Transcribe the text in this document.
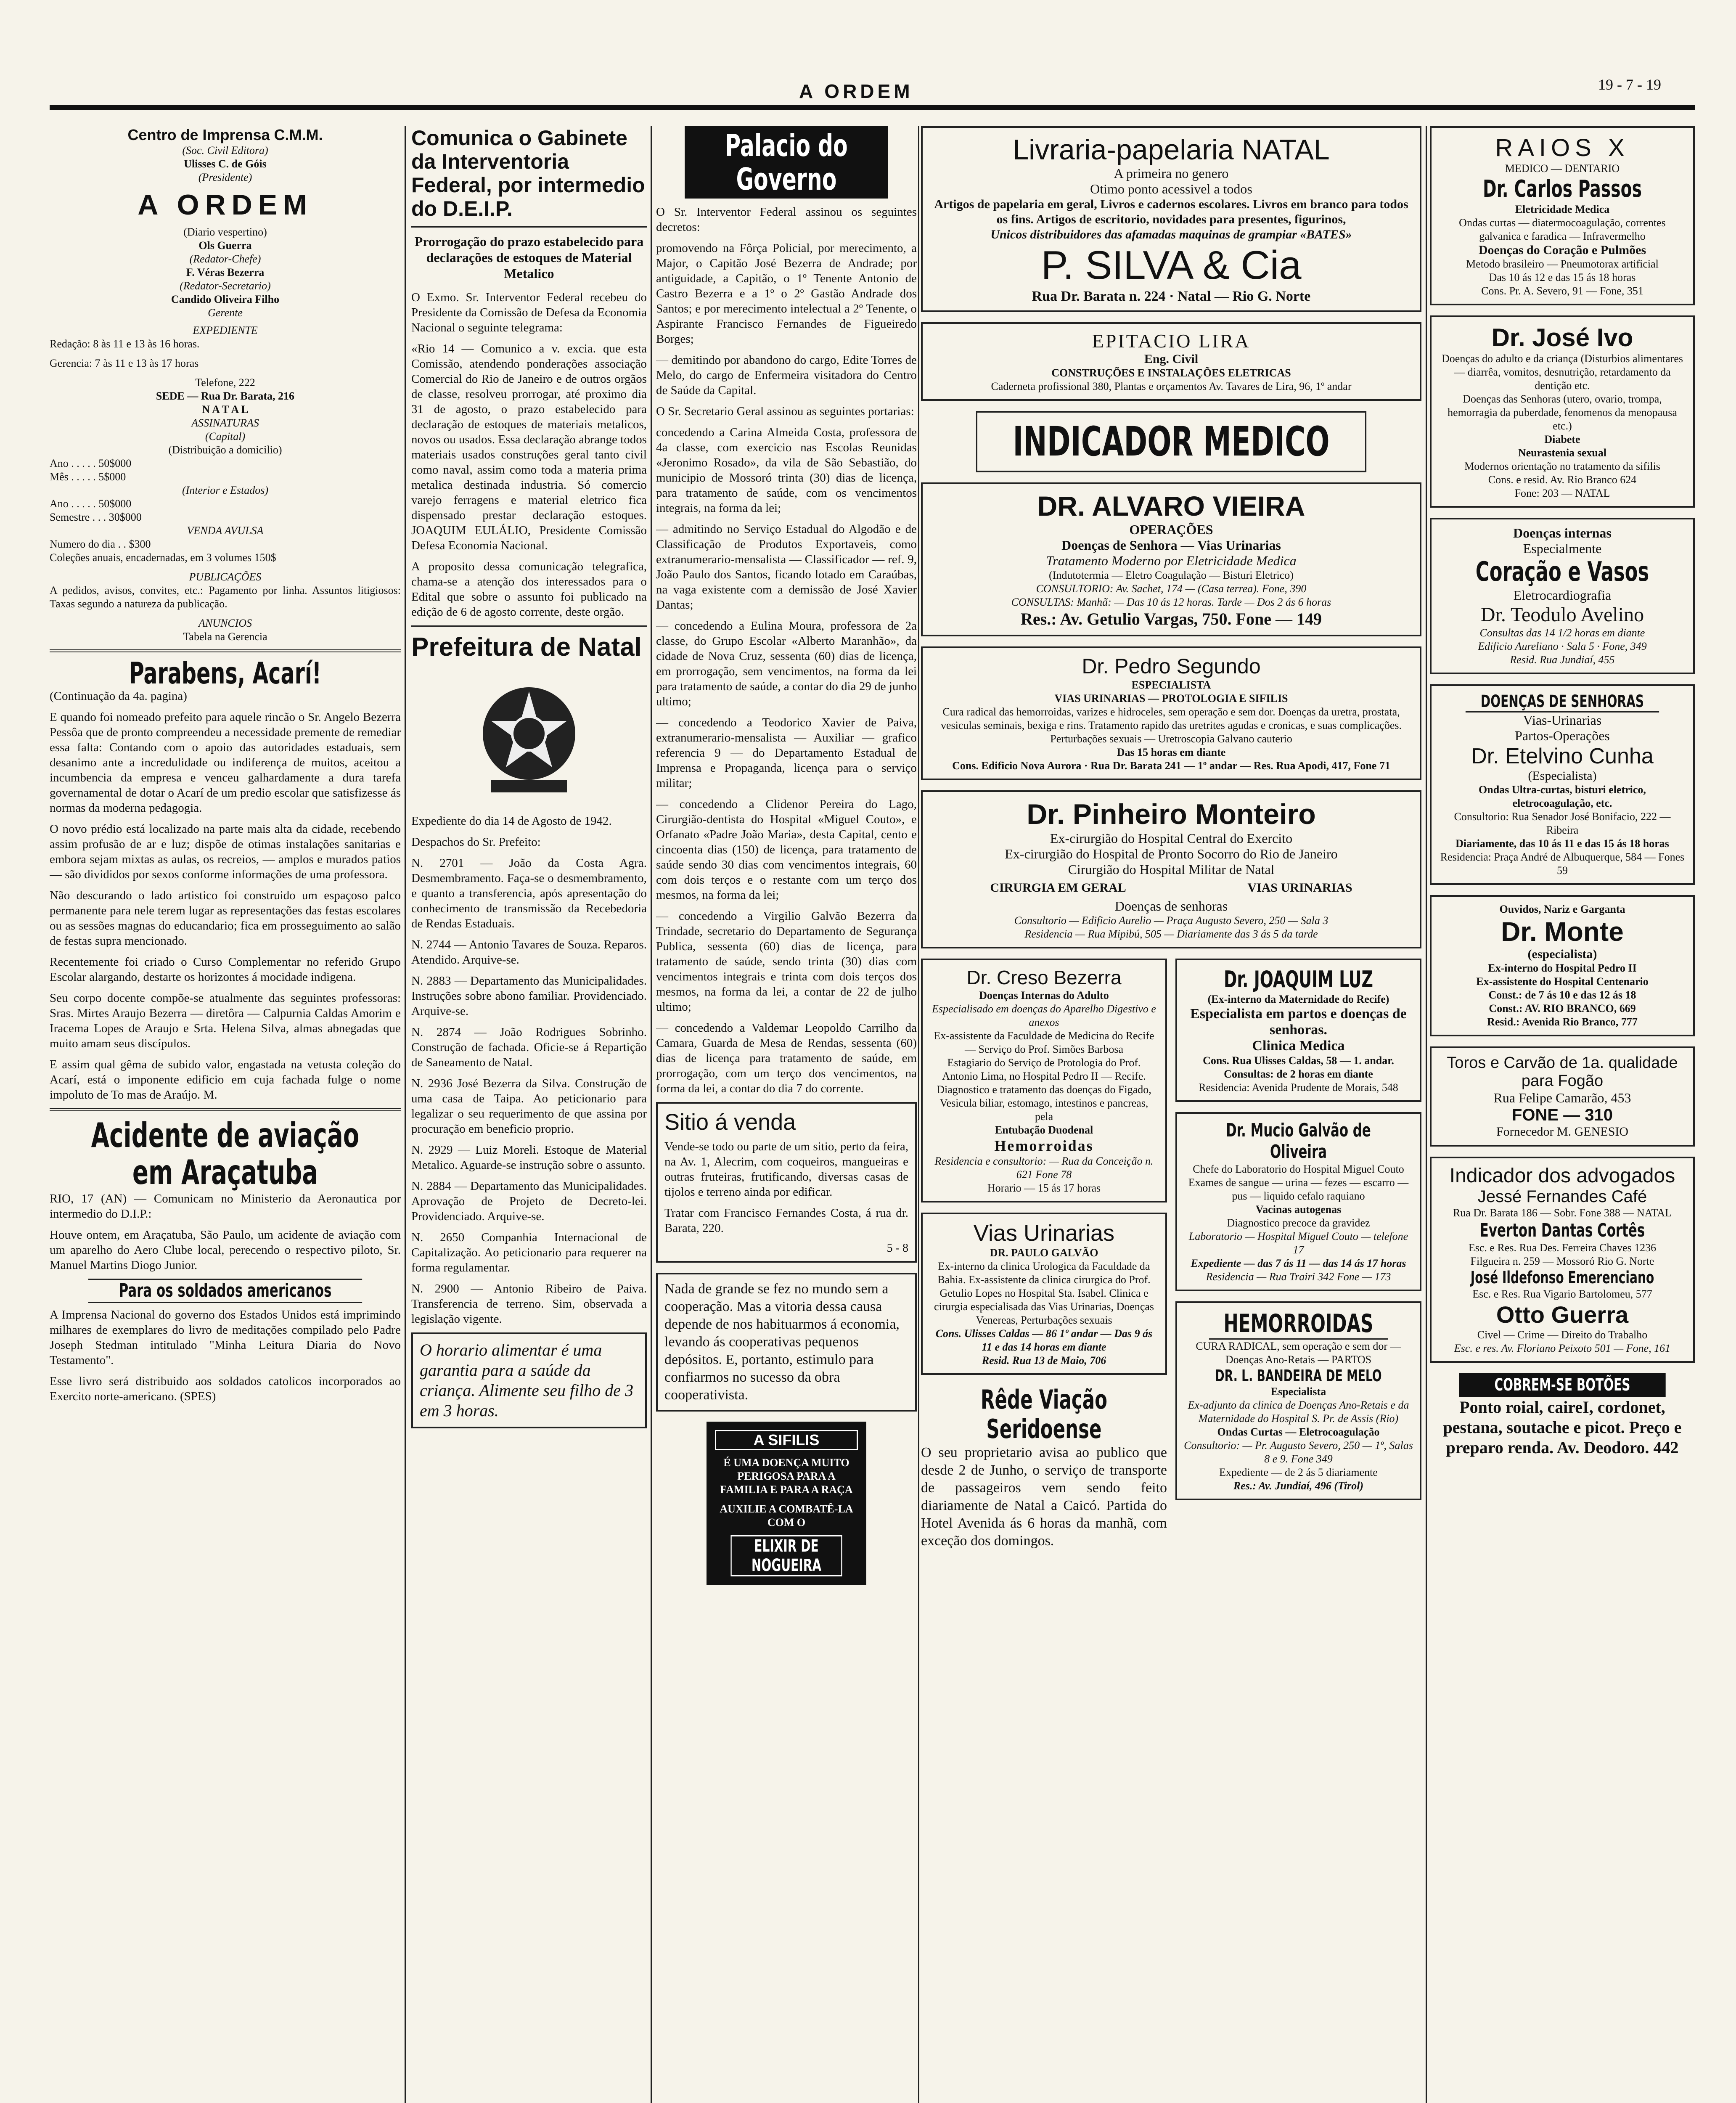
A ORDEM	19 - 7 - 19
Centro de Imprensa C.M.M.
(Soc. Civil Editora)
Ulisses C. de Góis
(Presidente)
A ORDEM
(Diario vespertino)
Ols Guerra
(Redator-Chefe)
F. Véras Bezerra
(Redator-Secretario)
Candido Oliveira Filho
Gerente
EXPEDIENTE

Redação: 8 às 11 e 13 às 16 horas.

Gerencia: 7 às 11 e 13 às 17 horas

Telefone, 222
SEDE — Rua Dr. Barata, 216
N A T A L
ASSINATURAS
(Capital)
(Distribuição a domicilio)
Ano . . . . . 50$000
Mês . . . . . 5$000
(Interior e Estados)
Ano . . . . . 50$000
Semestre . . . 30$000
VENDA AVULSA
Numero do dia . . $300

Coleções anuais, encadernadas, em 3 volumes 150$

PUBLICAÇÕES

A pedidos, avisos, convites, etc.: Pagamento por linha. Assuntos litigiosos: Taxas segundo a natureza da publicação.

ANUNCIOS
Tabela na Gerencia
Parabens, Acarí!

(Continuação da 4a. pagina)

E quando foi nomeado prefeito para aquele rincão o Sr. Angelo Bezerra Pessôa que de pronto compreendeu a necessidade premente de remediar essa falta: Contando com o apoio das autoridades estaduais, sem desanimo ante a incredulidade ou indiferença de muitos, aceitou a incumbencia da empresa e venceu galhardamente a dura tarefa governamental de dotar o Acarí de um predio escolar que satisfizesse ás normas da moderna pedagogia.

O novo prédio está localizado na parte mais alta da cidade, recebendo assim profusão de ar e luz; dispõe de otimas instalações sanitarias e embora sejam mixtas as aulas, os recreios, — amplos e murados patios — são divididos por sexos conforme informações de uma professora.

Não descurando o lado artistico foi construido um espaçoso palco permanente para nele terem lugar as representações das festas escolares ou as sessões magnas do educandario; fica em prosseguimento ao salão de festas supra mencionado.

Recentemente foi criado o Curso Complementar no referido Grupo Escolar alargando, destarte os horizontes á mocidade indigena.

Seu corpo docente compõe-se atualmente das seguintes professoras: Sras. Mirtes Araujo Bezerra — diretôra — Calpurnia Caldas Amorim e Iracema Lopes de Araujo e Srta. Helena Silva, almas abnegadas que muito amam seus discípulos.

E assim qual gêma de subido valor, engastada na vetusta coleção do Acarí, está o imponente edificio em cuja fachada fulge o nome impoluto de To mas de Araújo. M.

Acidente de aviação em Araçatuba

RIO, 17 (AN) — Comunicam no Ministerio da Aeronautica por intermedio do D.I.P.:

Houve ontem, em Araçatuba, São Paulo, um acidente de aviação com um aparelho do Aero Clube local, perecendo o respectivo piloto, Sr. Manuel Martins Diogo Junior.

Para os soldados americanos

A Imprensa Nacional do governo dos Estados Unidos está imprimindo milhares de exemplares do livro de meditações compilado pelo Padre Joseph Stedman intitulado "Minha Leitura Diaria do Novo Testamento".

Esse livro será distribuido aos soldados catolicos incorporados ao Exercito norte-americano. (SPES)

Comunica o Gabinete da Interventoria Federal, por intermedio do D.E.I.P.
Prorrogação do prazo estabelecido para declarações de estoques de Material Metalico

O Exmo. Sr. Interventor Federal recebeu do Presidente da Comissão de Defesa da Economia Nacional o seguinte telegrama:

«Rio 14 — Comunico a v. excia. que esta Comissão, atendendo ponderações associação Comercial do Rio de Janeiro e de outros orgãos de classe, resolveu prorrogar, até proximo dia 31 de agosto, o prazo estabelecido para declaração de estoques de materiais metalicos, novos ou usados. Essa declaração abrange todos materiais usados construções geral tanto civil como naval, assim como toda a materia prima metalica destinada industria. Só comercio varejo ferragens e material eletrico fica dispensado prestar declaração estoques. JOAQUIM EULÁLIO, Presidente Comissão Defesa Economia Nacional.

A proposito dessa comunicação telegrafica, chama-se a atenção dos interessados para o Edital que sobre o assunto foi publicado na edição de 6 de agosto corrente, deste orgão.

Prefeitura de Natal

Expediente do dia 14 de Agosto de 1942.

Despachos do Sr. Prefeito:

N. 2701 — João da Costa Agra. Desmembramento. Faça-se o desmembramento, e quanto a transferencia, após apresentação do conhecimento de transmissão da Recebedoria de Rendas Estaduais.

N. 2744 — Antonio Tavares de Souza. Reparos. Atendido. Arquive-se.

N. 2883 — Departamento das Municipalidades. Instruções sobre abono familiar. Providenciado. Arquive-se.

N. 2874 — João Rodrigues Sobrinho. Construção de fachada. Oficie-se á Repartição de Saneamento de Natal.

N. 2936 José Bezerra da Silva. Construção de uma casa de Taipa. Ao peticionario para legalizar o seu requerimento de que assina por procuração em beneficio proprio.

N. 2929 — Luiz Moreli. Estoque de Material Metalico. Aguarde-se instrução sobre o assunto.

N. 2884 — Departamento das Municipalidades. Aprovação de Projeto de Decreto-lei. Providenciado. Arquive-se.

N. 2650 Companhia Internacional de Capitalização. Ao peticionario para requerer na forma regulamentar.

N. 2900 — Antonio Ribeiro de Paiva. Transferencia de terreno. Sim, observada a legislação vigente.

O horario alimentar é uma garantia para a saúde da criança. Alimente seu filho de 3 em 3 horas.
Palacio do Governo

O Sr. Interventor Federal assinou os seguintes decretos:

promovendo na Fôrça Policial, por merecimento, a Major, o Capitão José Bezerra de Andrade; por antiguidade, a Capitão, o 1º Tenente Antonio de Castro Bezerra e a 1º o 2º Gastão Andrade dos Santos; e por merecimento intelectual a 2º Tenente, o Aspirante Francisco Fernandes de Figueiredo Borges;

— demitindo por abandono do cargo, Edite Torres de Melo, do cargo de Enfermeira visitadora do Centro de Saúde da Capital.

O Sr. Secretario Geral assinou as seguintes portarias:

concedendo a Carina Almeida Costa, professora de 4a classe, com exercicio nas Escolas Reunidas «Jeronimo Rosado», da vila de São Sebastião, do municipio de Mossoró trinta (30) dias de licença, para tratamento de saúde, com os vencimentos integrais, na forma da lei;

— admitindo no Serviço Estadual do Algodão e de Classificação de Produtos Exportaveis, como extranumerario-mensalista — Classificador — ref. 9, João Paulo dos Santos, ficando lotado em Caraúbas, na vaga existente com a demissão de José Xavier Dantas;

— concedendo a Eulina Moura, professora de 2a classe, do Grupo Escolar «Alberto Maranhão», da cidade de Nova Cruz, sessenta (60) dias de licença, em prorrogação, sem vencimentos, na forma da lei para tratamento de saúde, a contar do dia 29 de junho ultimo;

— concedendo a Teodorico Xavier de Paiva, extranumerario-mensalista — Auxiliar — grafico referencia 9 — do Departamento Estadual de Imprensa e Propaganda, licença para o serviço militar;

— concedendo a Clidenor Pereira do Lago, Cirurgião-dentista do Hospital «Miguel Couto», e Orfanato «Padre João Maria», desta Capital, cento e cincoenta dias (150) de licença, para tratamento de saúde sendo 30 dias com vencimentos integrais, 60 com dois terços e o restante com um terço dos mesmos, na forma da lei;

— concedendo a Virgilio Galvão Bezerra da Trindade, secretario do Departamento de Segurança Publica, sessenta (60) dias de licença, para tratamento de saúde, sendo trinta (30) dias com vencimentos integrais e trinta com dois terços dos mesmos, na forma da lei, a contar de 22 de julho ultimo;

— concedendo a Valdemar Leopoldo Carrilho da Camara, Guarda de Mesa de Rendas, sessenta (60) dias de licença para tratamento de saúde, em prorrogação, com um terço dos vencimentos, na forma da lei, a contar do dia 7 do corrente.

Sitio á venda

Vende-se todo ou parte de um sitio, perto da feira, na Av. 1, Alecrim, com coqueiros, mangueiras e outras fruteiras, frutificando, diversas casas de tijolos e terreno ainda por edificar.

Tratar com Francisco Fernandes Costa, á rua dr. Barata, 220.

5 - 8
Nada de grande se fez no mundo sem a cooperação. Mas a vitoria dessa causa depende de nos habituarmos á economia, levando ás cooperativas pequenos depósitos. E, portanto, estimulo para confiarmos no sucesso da obra cooperativista.
A SIFILIS
É UMA DOENÇA MUITO PERIGOSA PARA A FAMILIA E PARA A RAÇA
AUXILIE A COMBATÊ-LA COM O
ELIXIR DE NOGUEIRA
Livraria-papelaria NATAL
A primeira no genero
Otimo ponto acessivel a todos
Artigos de papelaria em geral, Livros e cadernos escolares. Livros em branco para todos os fins. Artigos de escritorio, novidades para presentes, figurinos,
Unicos distribuidores das afamadas maquinas de grampiar «BATES»
P. SILVA & Cia
Rua Dr. Barata n. 224 · Natal — Rio G. Norte
EPITACIO LIRA
Eng. Civil
CONSTRUÇÕES E INSTALAÇÕES ELETRICAS
Caderneta profissional 380, Plantas e orçamentos Av. Tavares de Lira, 96, 1º andar
INDICADOR MEDICO
DR. ALVARO VIEIRA
OPERAÇÕES
Doenças de Senhora — Vias Urinarias
Tratamento Moderno por Eletricidade Medica
(Indutotermia — Eletro Coagulação — Bisturi Eletrico)
CONSULTORIO: Av. Sachet, 174 — (Casa terrea). Fone, 390
CONSULTAS: Manhã: — Das 10 ás 12 horas. Tarde — Dos 2 ás 6 horas
Res.: Av. Getulio Vargas, 750. Fone — 149
Dr. Pedro Segundo
ESPECIALISTA
VIAS URINARIAS — PROTOLOGIA E SIFILIS
Cura radical das hemorroidas, varizes e hidroceles, sem operação e sem dor. Doenças da uretra, prostata, vesiculas seminais, bexiga e rins. Tratamento rapido das uretrites agudas e cronicas, e suas complicações. Perturbações sexuais — Uretroscopia Galvano cauterio
Das 15 horas em diante
Cons. Edificio Nova Aurora · Rua Dr. Barata 241 — 1º andar — Res. Rua Apodi, 417, Fone 71
Dr. Pinheiro Monteiro
Ex-cirurgião do Hospital Central do Exercito
Ex-cirurgião do Hospital de Pronto Socorro do Rio de Janeiro
Cirurgião do Hospital Militar de Natal
CIRURGIA EM GERAL	VIAS URINARIAS
Doenças de senhoras
Consultorio — Edificio Aurelio — Praça Augusto Severo, 250 — Sala 3
Residencia — Rua Mipibú, 505 — Diariamente das 3 ás 5 da tarde
Dr. Creso Bezerra
Doenças Internas do Adulto
Especialisado em doenças do Aparelho Digestivo e anexos
Ex-assistente da Faculdade de Medicina do Recife — Serviço do Prof. Simões Barbosa
Estagiario do Serviço de Protologia do Prof. Antonio Lima, no Hospital Pedro II — Recife.
Diagnostico e tratamento das doenças do Figado, Vesicula biliar, estomago, intestinos e pancreas, pela
Entubação Duodenal
Hemorroidas
Residencia e consultorio: — Rua da Conceição n. 621 Fone 78
Horario — 15 ás 17 horas
Vias Urinarias
DR. PAULO GALVÃO
Ex-interno da clinica Urologica da Faculdade da Bahia. Ex-assistente da clinica cirurgica do Prof. Getulio Lopes no Hospital Sta. Isabel. Clinica e cirurgia especialisada das Vias Urinarias, Doenças Venereas, Perturbações sexuais
Cons. Ulisses Caldas — 86 1º andar — Das 9 ás 11 e das 14 horas em diante
Resid. Rua 13 de Maio, 706
Rêde Viação Seridoense

O seu proprietario avisa ao publico que desde 2 de Junho, o serviço de transporte de passageiros vem sendo feito diariamente de Natal a Caicó. Partida do Hotel Avenida ás 6 horas da manhã, com exceção dos domingos.

Dr. JOAQUIM LUZ
(Ex-interno da Maternidade do Recife)
Especialista em partos e doenças de senhoras.
Clinica Medica
Cons. Rua Ulisses Caldas, 58 — 1. andar. Consultas: de 2 horas em diante
Residencia: Avenida Prudente de Morais, 548
Dr. Mucio Galvão de Oliveira
Chefe do Laboratorio do Hospital Miguel Couto
Exames de sangue — urina — fezes — escarro — pus — liquido cefalo raquiano
Vacinas autogenas
Diagnostico precoce da gravidez
Laboratorio — Hospital Miguel Couto — telefone 17
Expediente — das 7 ás 11 — das 14 ás 17 horas
Residencia — Rua Trairi 342 Fone — 173
HEMORROIDAS
CURA RADICAL, sem operação e sem dor — Doenças Ano-Retais — PARTOS
DR. L. BANDEIRA DE MELO
Especialista
Ex-adjunto da clinica de Doenças Ano-Retais e da Maternidade do Hospital S. Pr. de Assis (Rio)
Ondas Curtas — Eletrocoagulação
Consultorio: — Pr. Augusto Severo, 250 — 1º, Salas 8 e 9. Fone 349
Expediente — de 2 ás 5 diariamente
Res.: Av. Jundiaí, 496 (Tirol)
RAIOS X
MEDICO — DENTARIO
Dr. Carlos Passos
Eletricidade Medica
Ondas curtas — diatermocoagulação, correntes galvanica e faradica — Infravermelho
Doenças do Coração e Pulmões
Metodo brasileiro — Pneumotorax artificial
Das 10 ás 12 e das 15 ás 18 horas
Cons. Pr. A. Severo, 91 — Fone, 351
Dr. José Ivo
Doenças do adulto e da criança (Disturbios alimentares — diarrêa, vomitos, desnutrição, retardamento da dentição etc.
Doenças das Senhoras (utero, ovario, trompa, hemorragia da puberdade, fenomenos da menopausa etc.)
Diabete
Neurastenia sexual
Modernos orientação no tratamento da sifilis
Cons. e resid. Av. Rio Branco 624
Fone: 203 — NATAL
Doenças internas
Especialmente
Coração e Vasos
Eletrocardiografia
Dr. Teodulo Avelino
Consultas das 14 1/2 horas em diante
Edificio Aureliano · Sala 5 · Fone, 349
Resid. Rua Jundiaí, 455
DOENÇAS DE SENHORAS
Vias-Urinarias
Partos-Operações
Dr. Etelvino Cunha
(Especialista)
Ondas Ultra-curtas, bisturi eletrico, eletrocoagulação, etc.
Consultorio: Rua Senador José Bonifacio, 222 — Ribeira
Diariamente, das 10 ás 11 e das 15 ás 18 horas
Residencia: Praça André de Albuquerque, 584 — Fones 59
Ouvidos, Nariz e Garganta
Dr. Monte
(especialista)
Ex-interno do Hospital Pedro II
Ex-assistente do Hospital Centenario
Const.: de 7 ás 10 e das 12 ás 18
Const.: AV. RIO BRANCO, 669
Resid.: Avenida Rio Branco, 777
Toros e Carvão de 1a. qualidade para Fogão
Rua Felipe Camarão, 453
FONE — 310
Fornecedor M. GENESIO
Indicador dos advogados
Jessé Fernandes Café
Rua Dr. Barata 186 — Sobr. Fone 388 — NATAL
Everton Dantas Cortês
Esc. e Res. Rua Des. Ferreira Chaves 1236
Filgueira n. 259 — Mossoró Rio G. Norte
José Ildefonso Emerenciano
Esc. e Res. Rua Vigario Bartolomeu, 577
Otto Guerra
Civel — Crime — Direito do Trabalho
Esc. e res. Av. Floriano Peixoto 501 — Fone, 161
COBREM-SE BOTÕES
Ponto roial, caireI, cordonet, pestana, soutache e picot. Preço e preparo renda. Av. Deodoro. 442
